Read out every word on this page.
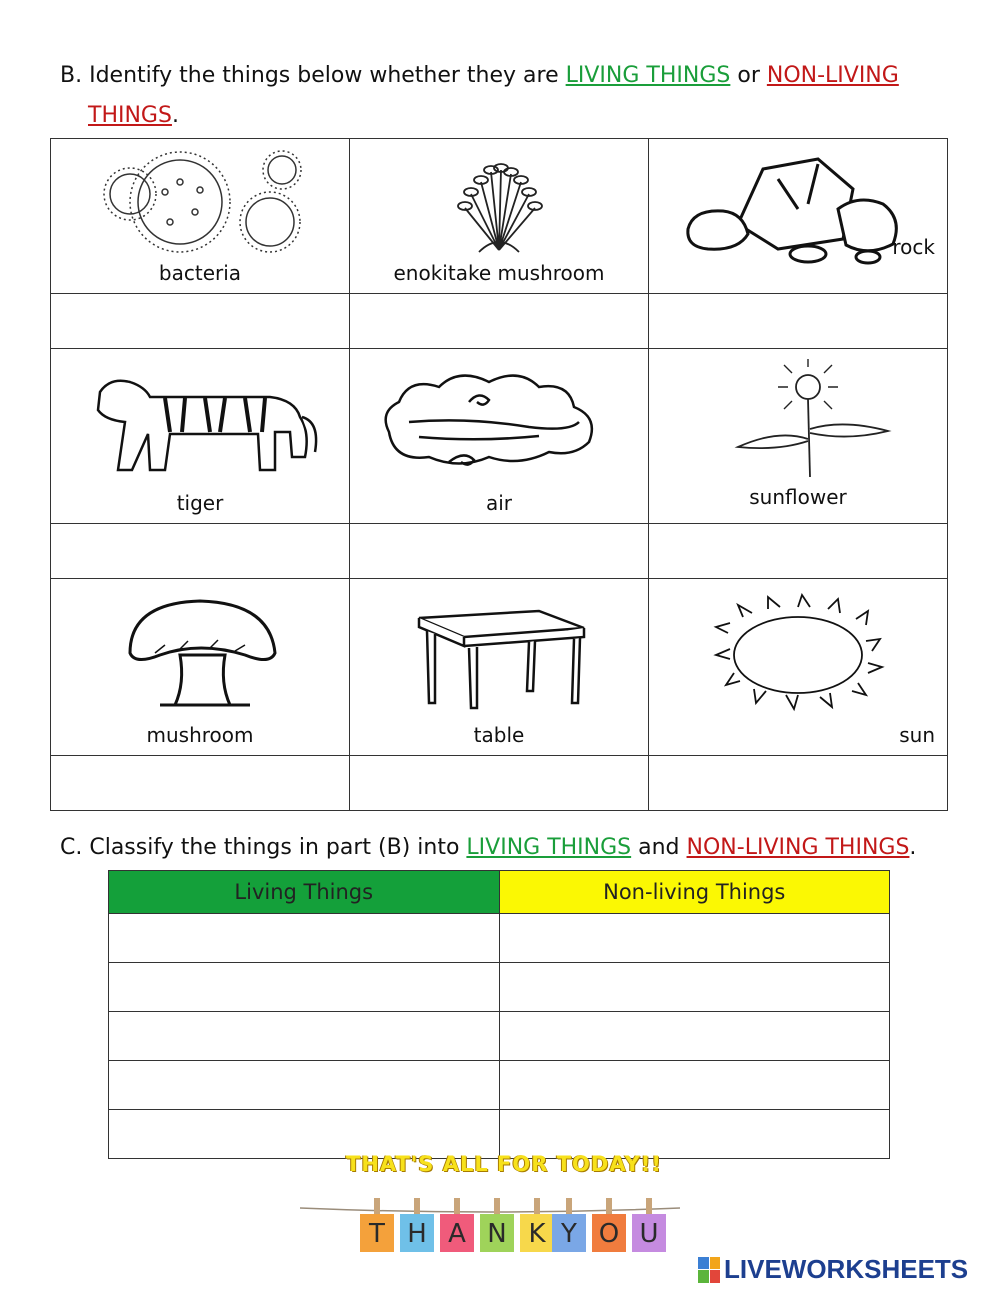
B. Identify the things below whether they are LIVING THINGS or NON-LIVING
THINGS.
bacteria	enokitake mushroom	rock

tiger	air	sunflower

mushroom	table	sun

C. Classify the things in part (B) into LIVING THINGS and NON-LIVING THINGS.
Living Things	Non-living Things

THAT'S ALL FOR TODAY!!
T H A N K Y O U
LIVEWORKSHEETS
